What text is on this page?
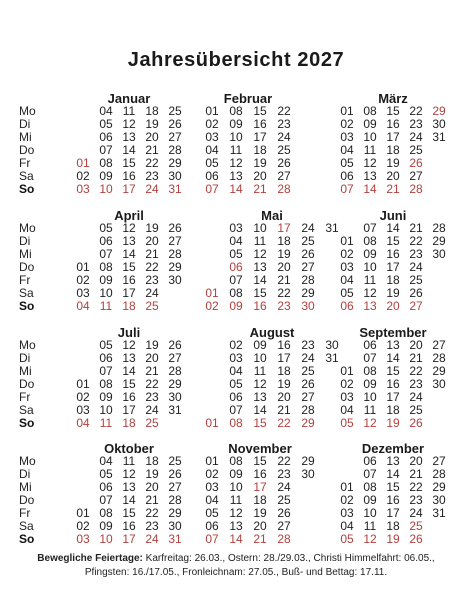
Jahresübersicht 2027
Mo
Di
Mi
Do
Fr
Sa
So
Mo
Di
Mi
Do
Fr
Sa
So
Mo
Di
Mi
Do
Fr
Sa
So
Mo
Di
Mi
Do
Fr
Sa
So
Januar
01
02
03
04
05
06
07
08
09
10
11
12
13
14
15
16
17
18
19
20
21
22
23
24
25
26
27
28
29
30
31
Februar
01
02
03
04
05
06
07
08
09
10
11
12
13
14
15
16
17
18
19
20
21
22
23
24
25
26
27
28
März
01
02
03
04
05
06
07
08
09
10
11
12
13
14
15
16
17
18
19
20
21
22
23
24
25
26
27
28
29
30
31
April
01
02
03
04
05
06
07
08
09
10
11
12
13
14
15
16
17
18
19
20
21
22
23
24
25
26
27
28
29
30
Mai
01
02
03
04
05
06
07
08
09
10
11
12
13
14
15
16
17
18
19
20
21
22
23
24
25
26
27
28
29
30
31
Juni
01
02
03
04
05
06
07
08
09
10
11
12
13
14
15
16
17
18
19
20
21
22
23
24
25
26
27
28
29
30
Juli
01
02
03
04
05
06
07
08
09
10
11
12
13
14
15
16
17
18
19
20
21
22
23
24
25
26
27
28
29
30
31
August
01
02
03
04
05
06
07
08
09
10
11
12
13
14
15
16
17
18
19
20
21
22
23
24
25
26
27
28
29
30
31
September
01
02
03
04
05
06
07
08
09
10
11
12
13
14
15
16
17
18
19
20
21
22
23
24
25
26
27
28
29
30
Oktober
01
02
03
04
05
06
07
08
09
10
11
12
13
14
15
16
17
18
19
20
21
22
23
24
25
26
27
28
29
30
31
November
01
02
03
04
05
06
07
08
09
10
11
12
13
14
15
16
17
18
19
20
21
22
23
24
25
26
27
28
29
30
Dezember
01
02
03
04
05
06
07
08
09
10
11
12
13
14
15
16
17
18
19
20
21
22
23
24
25
26
27
28
29
30
31
Bewegliche Feiertage: Karfreitag: 26.03., Ostern: 28./29.03., Christi Himmelfahrt: 06.05.,
Pfingsten: 16./17.05., Fronleichnam: 27.05., Buß- und Bettag: 17.11.
